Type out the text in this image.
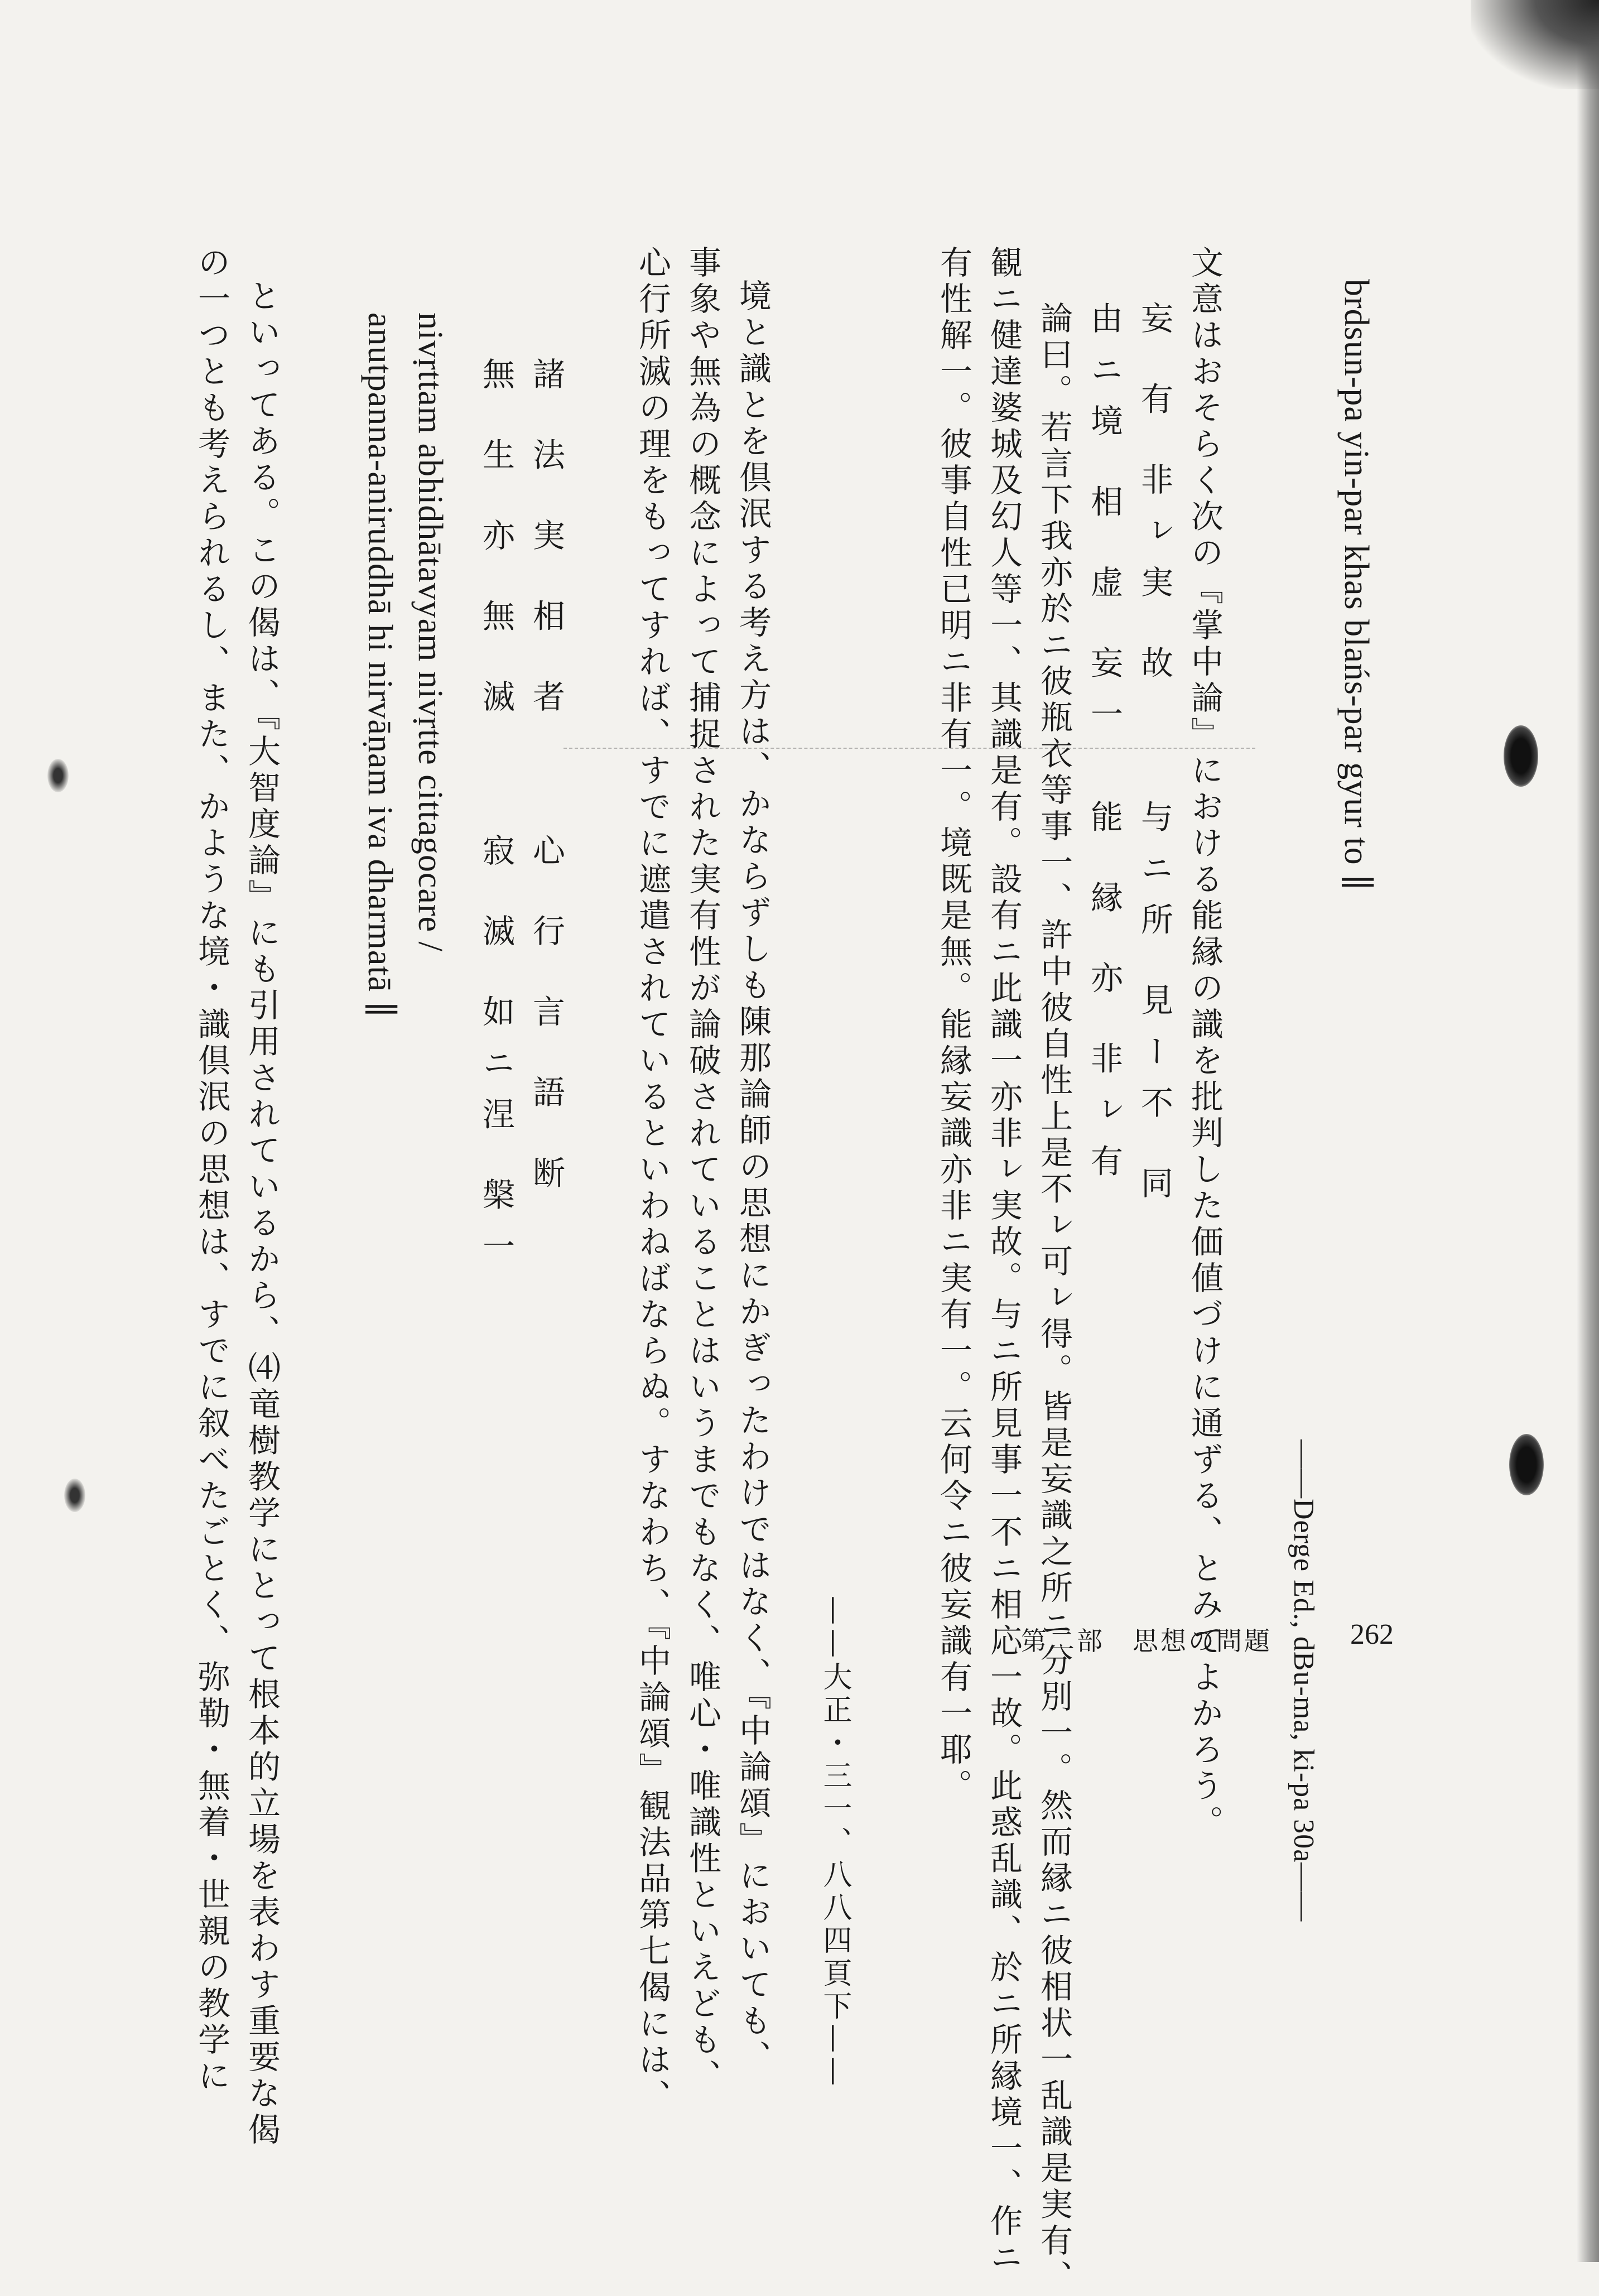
brdsun-pa yin-par khas blańs-par gyur to ∥
——Derge Ed., dBu-ma, ki-pa 30a——
文意はおそらく次の『掌中論』における能縁の識を批判した価値づけに通ずる、とみてよかろう。
妄 有 非ㇾ実 故　　与ニ所 見ー不 同
由ニ境 相 虚 妄一　能 縁 亦 非ㇾ有
論曰。若言下我亦於ニ彼瓶衣等事一、許中彼自性上是不ㇾ可ㇾ得。皆是妄識之所ニ分別一。然而縁ニ彼相状一乱識是実有、
観ニ健達婆城及幻人等一、其識是有。設有ニ此識一亦非ㇾ実故。与ニ所見事一不ニ相応一故。此惑乱識、於ニ所縁境一、作ニ
有性解一。彼事自性已明ニ非有一。境既是無。能縁妄識亦非ニ実有一。云何令ニ彼妄識有一耶。
——大正・三一、八八四頁下——
境と識とを倶泯する考え方は、かならずしも陳那論師の思想にかぎったわけではなく、『中論頌』においても、
事象や無為の概念によって捕捉された実有性が論破されていることはいうまでもなく、唯心・唯識性といえども、
心行所滅の理をもってすれば、すでに遮遣されているといわねばならぬ。すなわち、『中論頌』観法品第七偈には、
諸 法 実 相 者　　心 行 言 語 断
無 生 亦 無 滅　　寂 滅 如ニ涅 槃一
nivṛttam abhidhātavyam nivṛtte cittagocare /
anutpanna-aniruddhā hi nirvāṇam iva dharmatā ∥
といってある。この偈は、『大智度論』にも引用されているから、⑷竜樹教学にとって根本的立場を表わす重要な偈
の一つとも考えられるし、また、かような境・識倶泯の思想は、すでに叙べたごとく、弥勒・無着・世親の教学に	第二部　思想の問題	262
